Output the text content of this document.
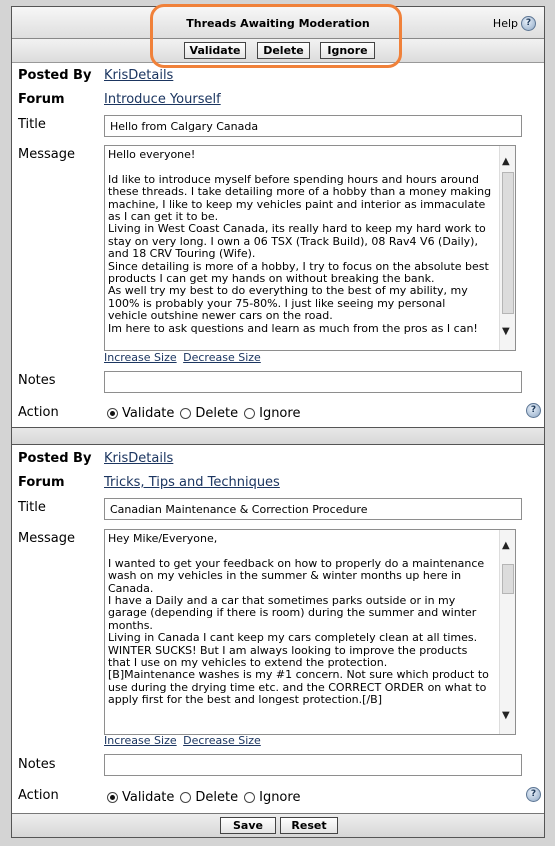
Threads Awaiting Moderation	Help ?
Validate	Delete	Ignore
Posted By KrisDetails
Forum	Introduce Yourself
Title	Hello from Calgary Canada
Message	Hello everyone!
Id like to introduce myself before spending hours and hours around
these threads. I take detailing more of a hobby than a money making
machine, I like to keep my vehicles paint and interior as immaculate
as I can get it to be.
Living in West Coast Canada, its really hard to keep my hard work to
stay on very long. I own a 06 TSX (Track Build), 08 Rav4 V6 (Daily),
and 18 CRV Touring (Wife).
Since detailing is more of a hobby, I try to focus on the absolute best
products I can get my hands on without breaking the bank.
As well try my best to do everything to the best of my ability, my
100% is probably your 75-80%. I just like seeing my personal
vehicle outshine newer cars on the road.
Im here to ask questions and learn as much from the pros as I can!
▲
▼
Increase Size Decrease Size
Notes
Action	Validate Delete Ignore	?
Posted By KrisDetails
Forum	Tricks, Tips and Techniques
Title	Canadian Maintenance & Correction Procedure
Message	Hey Mike/Everyone,
I wanted to get your feedback on how to properly do a maintenance
wash on my vehicles in the summer & winter months up here in
Canada.
I have a Daily and a car that sometimes parks outside or in my
garage (depending if there is room) during the summer and winter
months.
Living in Canada I cant keep my cars completely clean at all times.
WINTER SUCKS! But I am always looking to improve the products
that I use on my vehicles to extend the protection.
[B]Maintenance washes is my #1 concern. Not sure which product to
use during the drying time etc. and the CORRECT ORDER on what to
apply first for the best and longest protection.[/B]
▲
▼
Increase Size Decrease Size
Notes
Action	Validate Delete Ignore	?
Save	Reset
